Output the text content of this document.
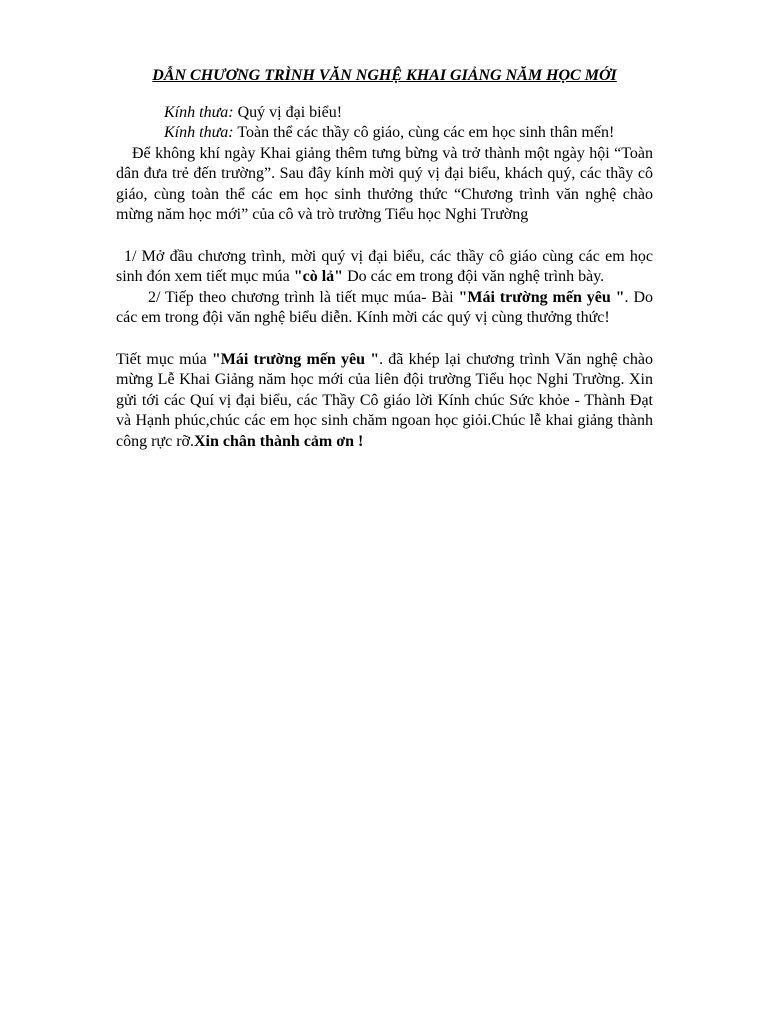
DẪN CHƯƠNG TRÌNH VĂN NGHỆ KHAI GIẢNG NĂM HỌC MỚI

Kính thưa: Quý vị đại biểu!

Kính thưa: Toàn thể các thầy cô giáo, cùng các em học sinh thân mến!

Để không khí ngày Khai giảng thêm tưng bừng và trở thành một ngày hội “Toàn dân đưa trẻ đến trường”. Sau đây kính mời quý vị đại biểu, khách quý, các thầy cô giáo, cùng toàn thể các em học sinh thưởng thức “Chương trình văn nghệ chào mừng năm học mới” của cô và trò trường Tiểu học Nghi Trường

1/ Mở đầu chương trình, mời quý vị đại biểu, các thầy cô giáo cùng các em học sinh đón xem tiết mục múa "cò lả" Do các em trong đội văn nghệ trình bày.

2/ Tiếp theo chương trình là tiết mục múa- Bài "Mái trường mến yêu ". Do các em trong đội văn nghệ biểu diễn. Kính mời các quý vị cùng thưởng thức!

Tiết mục múa "Mái trường mến yêu ". đã khép lại chương trình Văn nghệ chào mừng Lễ Khai Giảng năm học mới của liên đội trường Tiểu học Nghi Trường. Xin gửi tới các Quí vị đại biểu, các Thầy Cô giáo lời Kính chúc Sức khỏe - Thành Đạt và Hạnh phúc,chúc các em học sinh chăm ngoan học giỏi.Chúc lễ khai giảng thành công rực rỡ.Xin chân thành cảm ơn !
